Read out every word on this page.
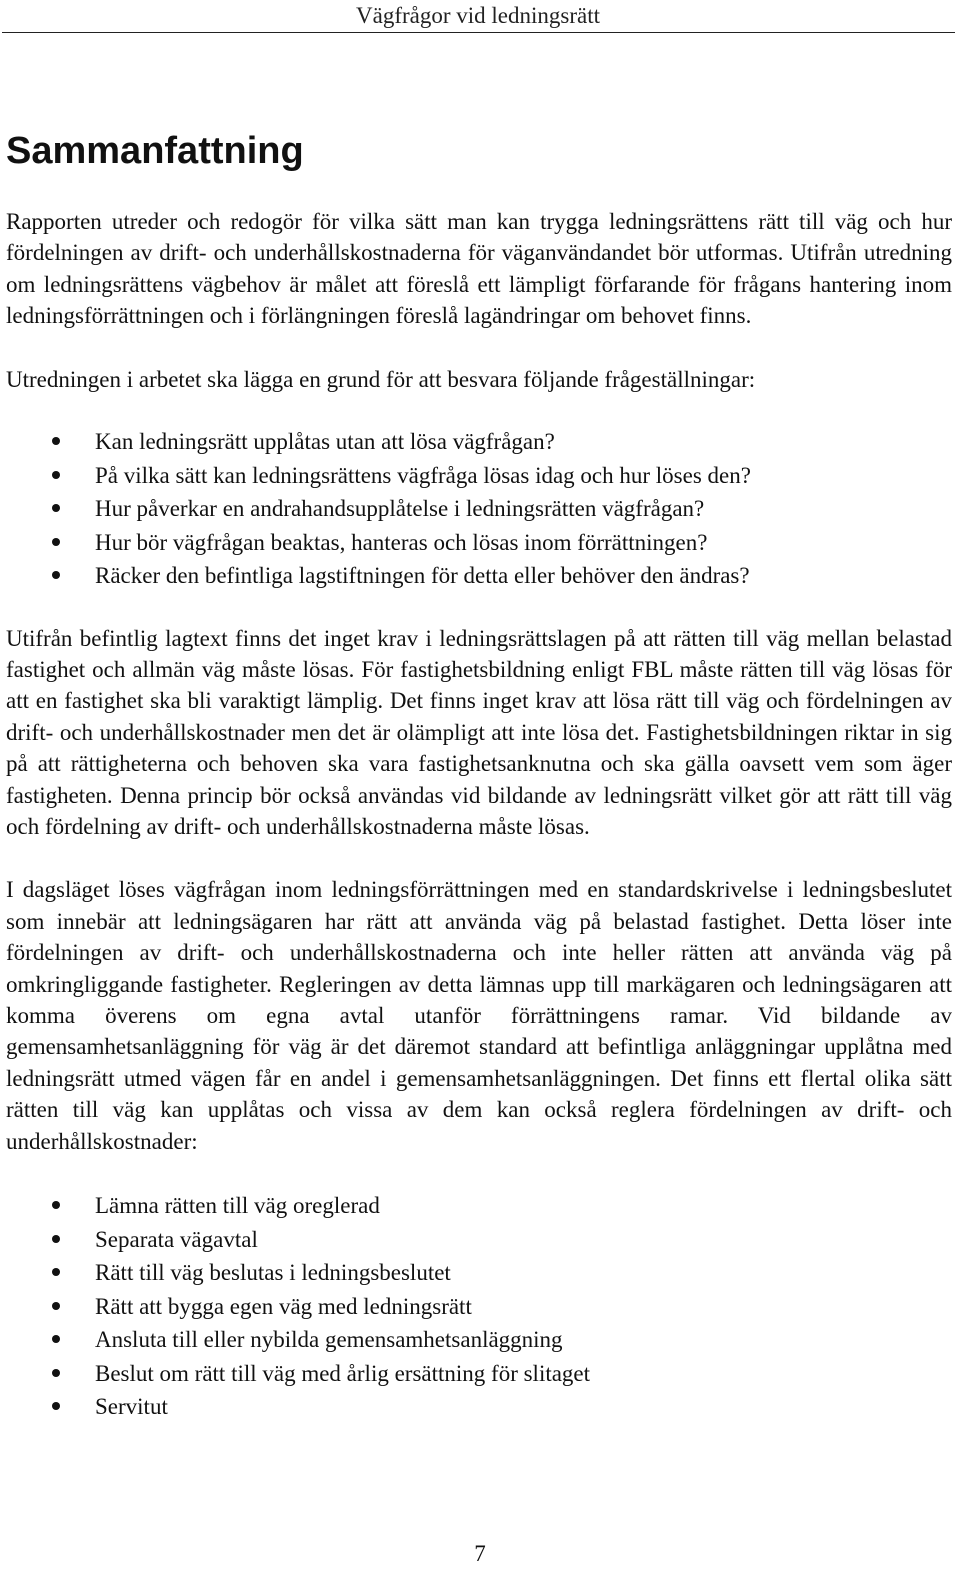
Vägfrågor vid ledningsrätt
Sammanfattning

Rapporten utreder och redogör för vilka sätt man kan trygga ledningsrättens rätt till väg och hur fördelningen av drift- och underhållskostnaderna för väganvändandet bör utformas. Utifrån utredning om ledningsrättens vägbehov är målet att föreslå ett lämpligt förfarande för frågans hantering inom ledningsförrättningen och i förlängningen föreslå lagändringar om behovet finns.

Utredningen i arbetet ska lägga en grund för att besvara följande frågeställningar:

Kan ledningsrätt upplåtas utan att lösa vägfrågan?
På vilka sätt kan ledningsrättens vägfråga lösas idag och hur löses den?
Hur påverkar en andrahandsupplåtelse i ledningsrätten vägfrågan?
Hur bör vägfrågan beaktas, hanteras och lösas inom förrättningen?
Räcker den befintliga lagstiftningen för detta eller behöver den ändras?

Utifrån befintlig lagtext finns det inget krav i ledningsrättslagen på att rätten till väg mellan belastad fastighet och allmän väg måste lösas. För fastighetsbildning enligt FBL måste rätten till väg lösas för att en fastighet ska bli varaktigt lämplig. Det finns inget krav att lösa rätt till väg och fördelningen av drift- och underhållskostnader men det är olämpligt att inte lösa det. Fastighetsbildningen riktar in sig på att rättigheterna och behoven ska vara fastighetsanknutna och ska gälla oavsett vem som äger fastigheten. Denna princip bör också användas vid bildande av ledningsrätt vilket gör att rätt till väg och fördelning av drift- och underhållskostnaderna måste lösas.

I dagsläget löses vägfrågan inom ledningsförrättningen med en standardskrivelse i ledningsbeslutet som innebär att ledningsägaren har rätt att använda väg på belastad fastighet. Detta löser inte fördelningen av drift- och underhållskostnaderna och inte heller rätten att använda väg på omkringliggande fastigheter. Regleringen av detta lämnas upp till markägaren och ledningsägaren att komma överens om egna avtal utanför förrättningens ramar. Vid bildande av gemensamhetsanläggning för väg är det däremot standard att befintliga anläggningar upplåtna med ledningsrätt utmed vägen får en andel i gemensamhetsanläggningen. Det finns ett flertal olika sätt rätten till väg kan upplåtas och vissa av dem kan också reglera fördelningen av drift- och underhållskostnader:

Lämna rätten till väg oreglerad
Separata vägavtal
Rätt till väg beslutas i ledningsbeslutet
Rätt att bygga egen väg med ledningsrätt
Ansluta till eller nybilda gemensamhetsanläggning
Beslut om rätt till väg med årlig ersättning för slitaget
Servitut
7
